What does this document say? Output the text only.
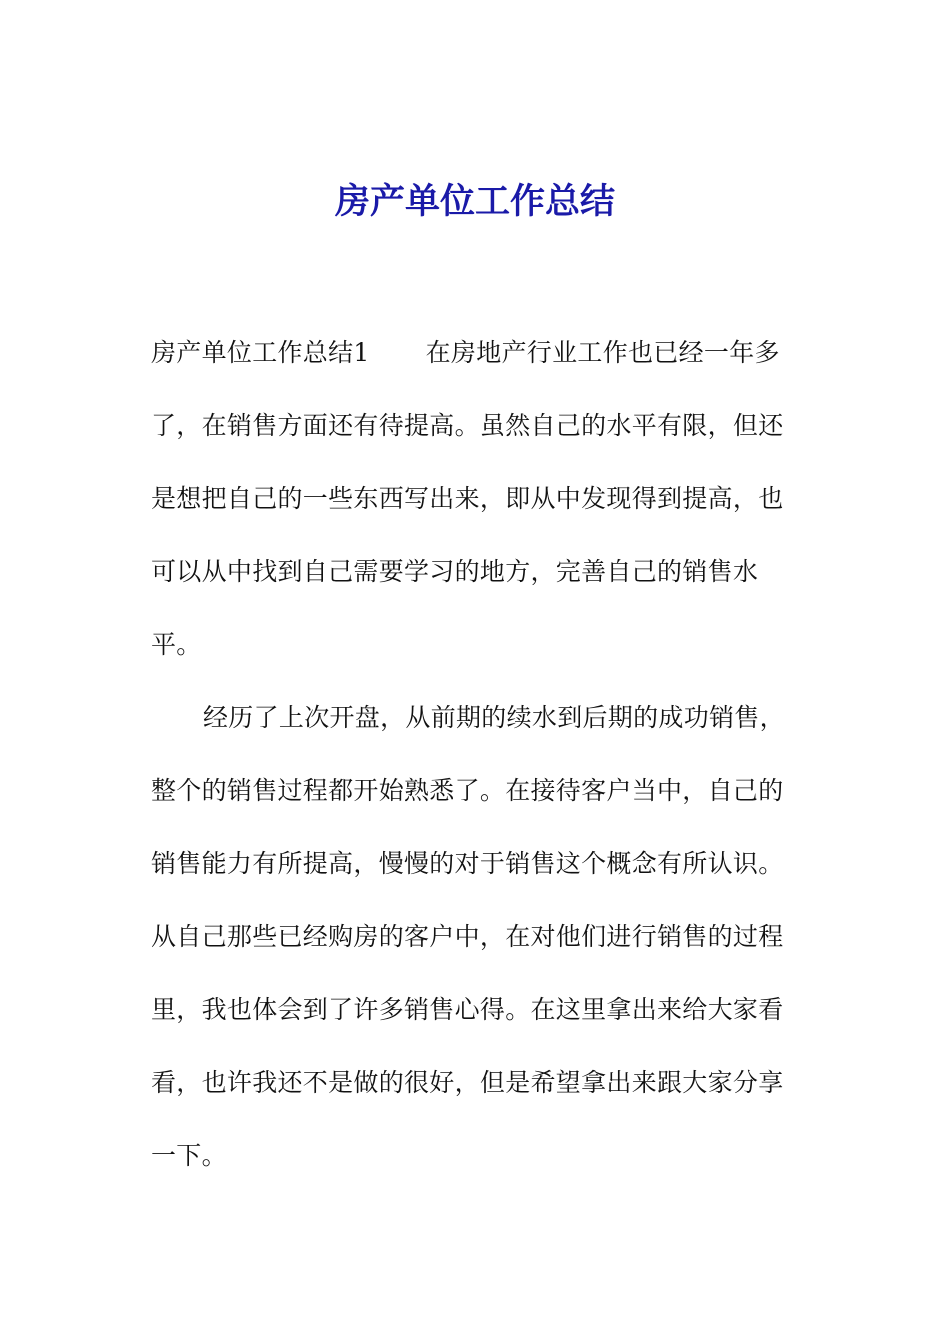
房产单位工作总结
房产单位工作总结1 在房地产行业工作也已经一年多
了，在销售方面还有待提高。虽然自己的水平有限，但还
是想把自己的一些东西写出来，即从中发现得到提高，也
可以从中找到自己需要学习的地方，完善自己的销售水
平。
经历了上次开盘，从前期的续水到后期的成功销售，
整个的销售过程都开始熟悉了。在接待客户当中，自己的
销售能力有所提高，慢慢的对于销售这个概念有所认识。
从自己那些已经购房的客户中，在对他们进行销售的过程
里，我也体会到了许多销售心得。在这里拿出来给大家看
看，也许我还不是做的很好，但是希望拿出来跟大家分享
一下。
